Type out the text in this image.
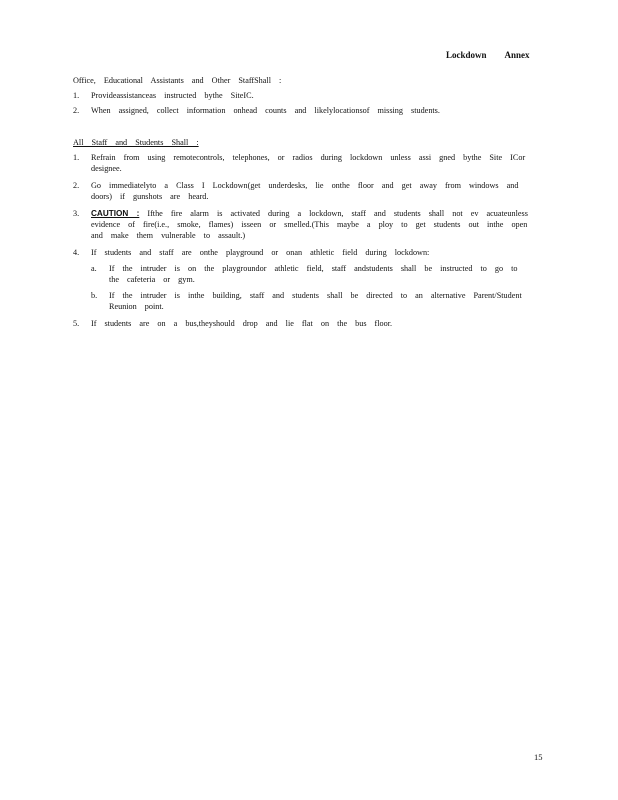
Lockdown Annex
Office, Educational Assistants and Other StaffShall :
1. Provideassistanceas instructed bythe SiteIC.
2. When assigned, collect information onhead counts and likelylocationsof missing students.
All Staff and Students Shall :
1. Refrain from using remotecontrols, telephones, or radios during lockdown unless assi gned bythe Site ICor designee.
2. Go immediatelyto a Class I Lockdown(get underdesks, lie onthe floor and get away from windows and doors) if gunshots are heard.
3. CAUTION : Ifthe fire alarm is activated during a lockdown, staff and students shall not ev acuateunless evidence of fire(i.e., smoke, flames) isseen or smelled.(This maybe a ploy to get students out inthe open and make them vulnerable to assault.)
4. If students and staff are onthe playground or onan athletic field during lockdown:
a. If the intruder is on the playgroundor athletic field, staff andstudents shall be instructed to go to the cafeteria or gym.
b. If the intruder is inthe building, staff and students shall be directed to an alternative Parent/Student Reunion point.
5. If students are on a bus,theyshould drop and lie flat on the bus floor.
15
